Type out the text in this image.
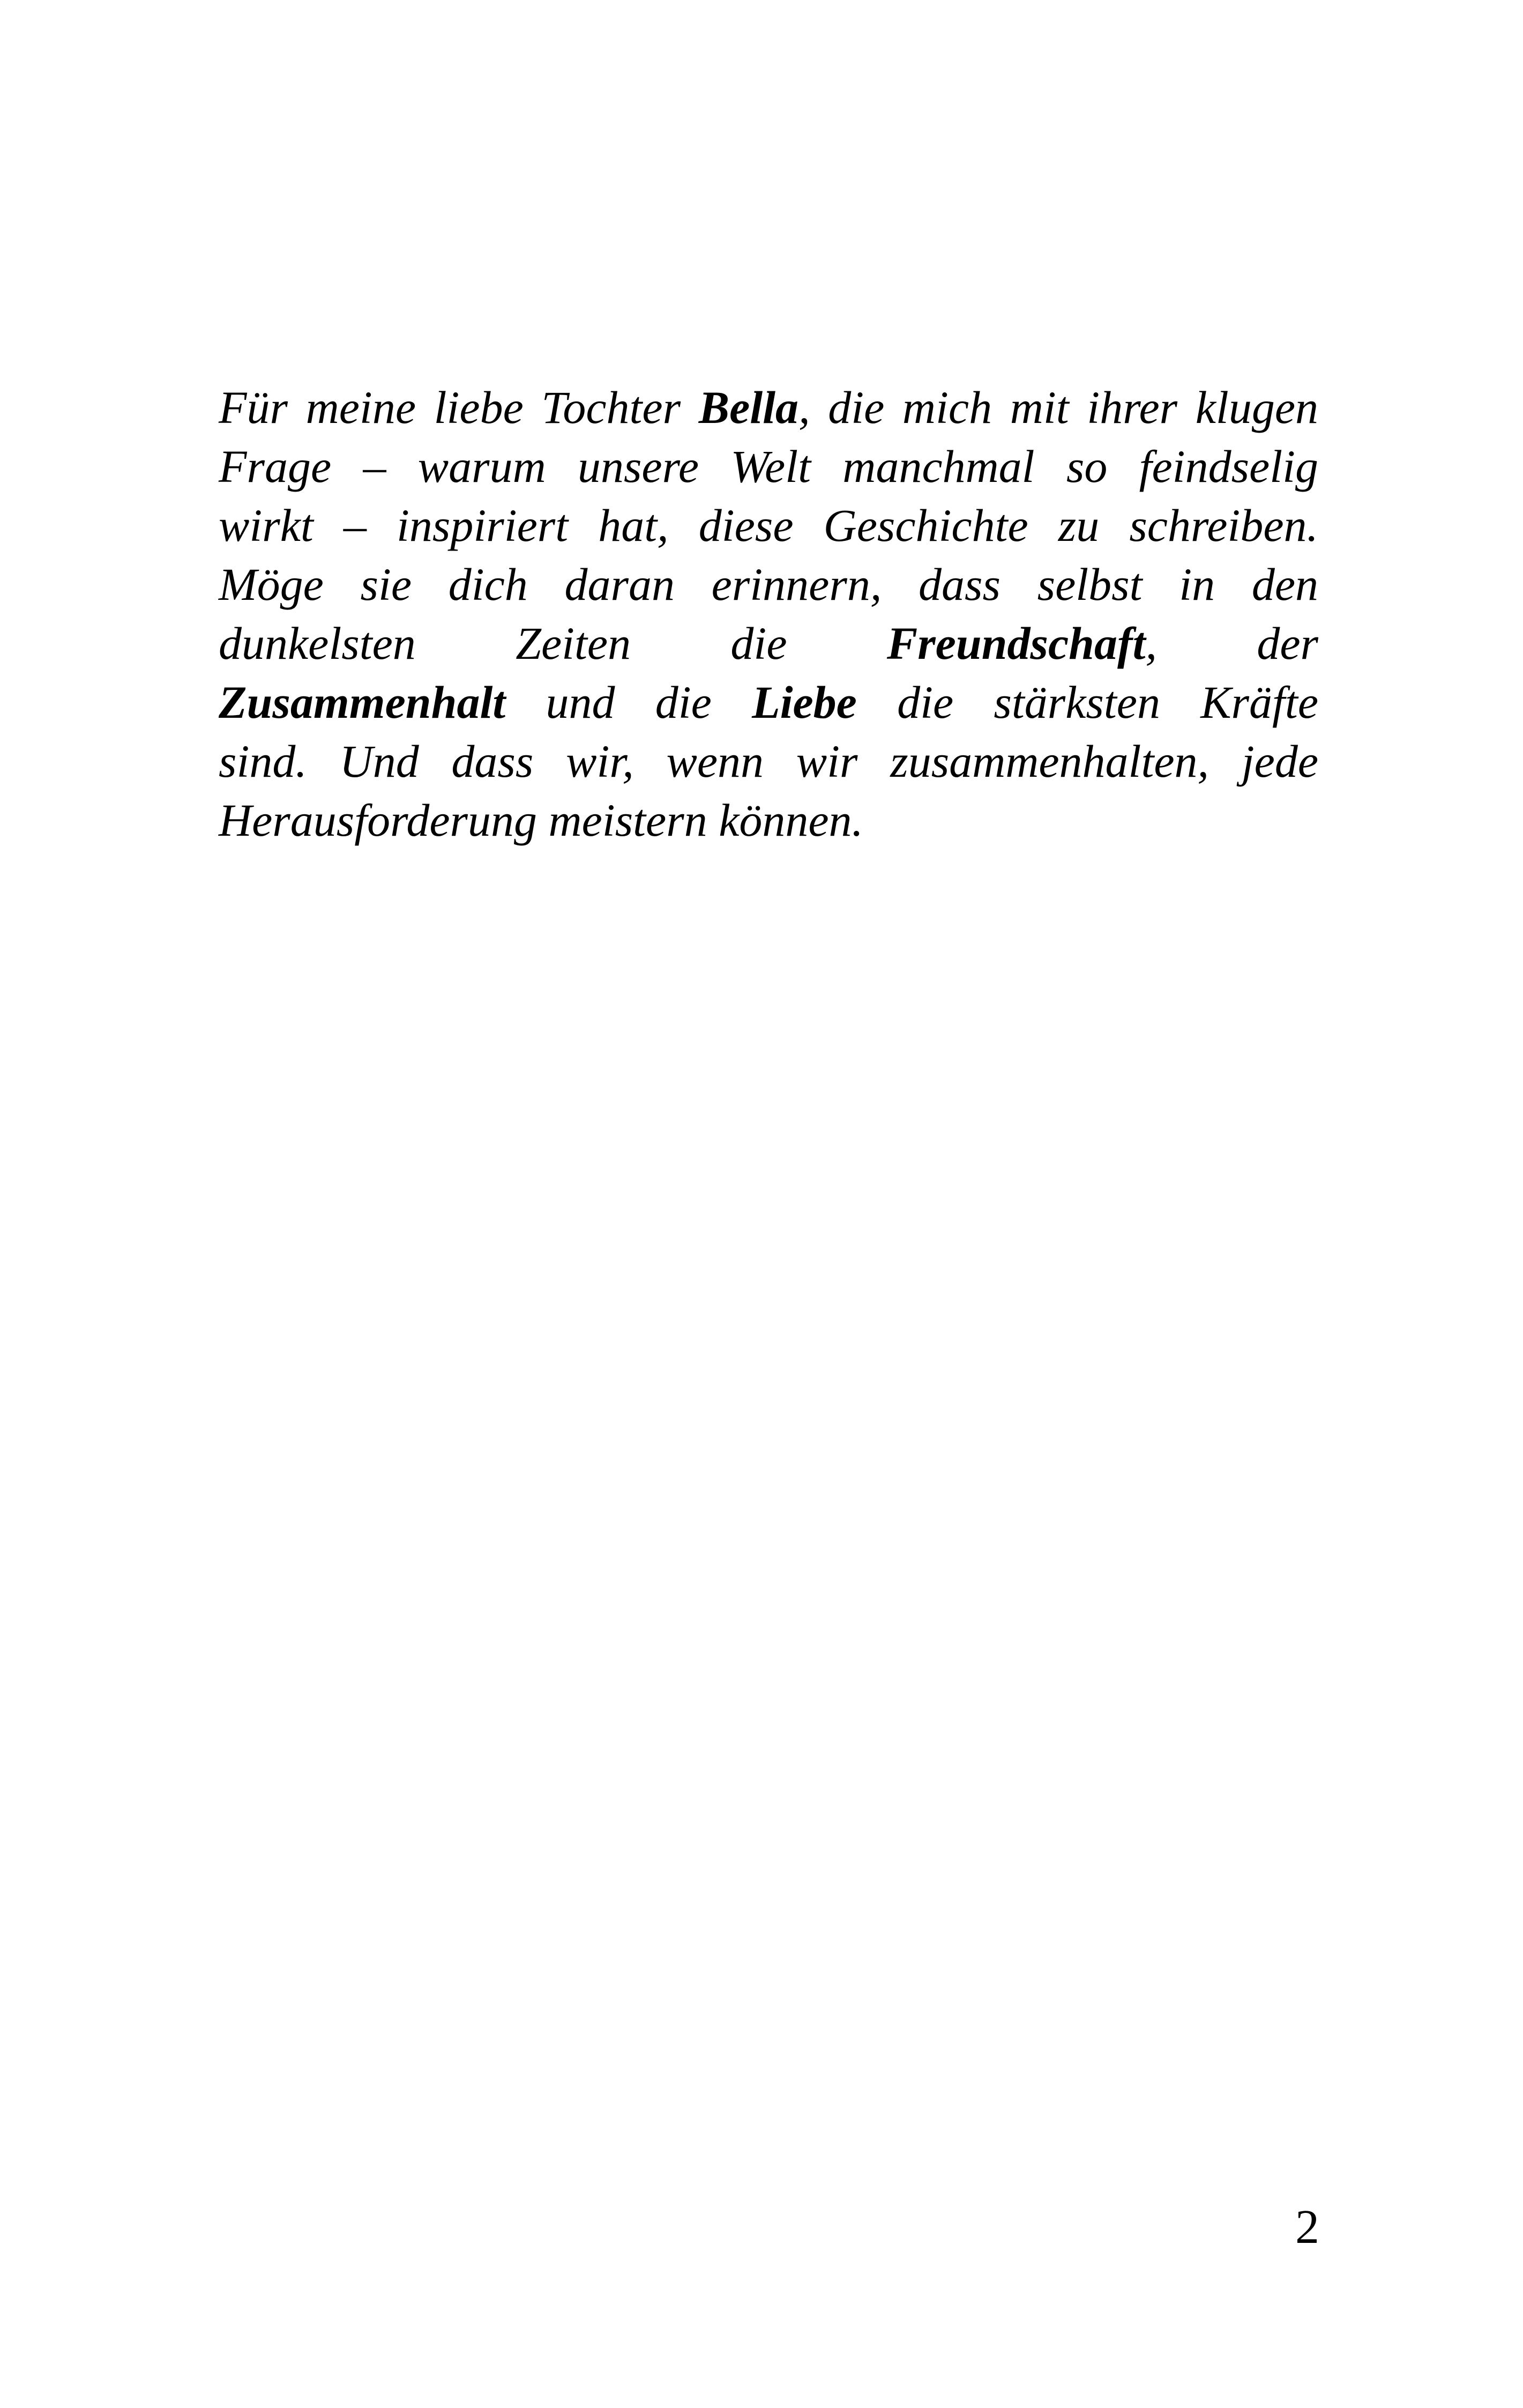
Für meine liebe Tochter Bella, die mich mit ihrer klugen
Frage – warum unsere Welt manchmal so feindselig
wirkt – inspiriert hat, diese Geschichte zu schreiben.
Möge sie dich daran erinnern, dass selbst in den
dunkelsten Zeiten die Freundschaft, der
Zusammenhalt und die Liebe die stärksten Kräfte
sind. Und dass wir, wenn wir zusammenhalten, jede
Herausforderung meistern können.

2
